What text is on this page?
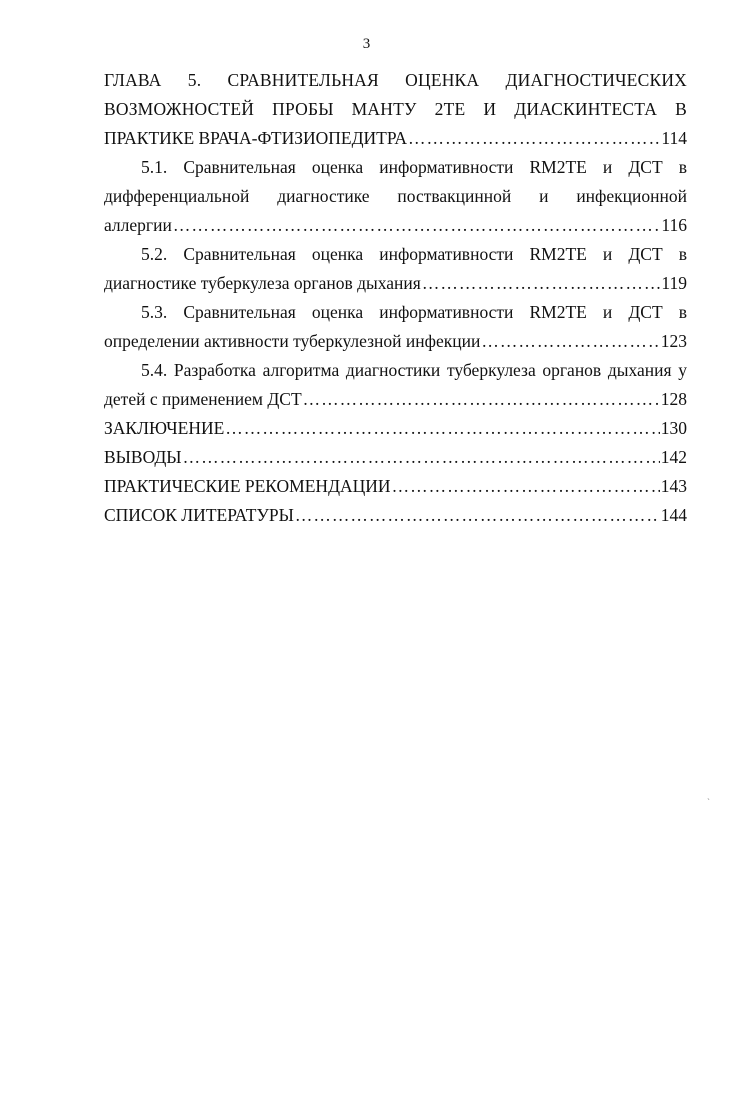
3
ГЛАВА 5. СРАВНИТЕЛЬНАЯ ОЦЕНКА ДИАГНОСТИЧЕСКИХ
ВОЗМОЖНОСТЕЙ ПРОБЫ МАНТУ 2ТЕ И ДИАСКИНТЕСТА В
ПРАКТИКЕ ВРАЧА-ФТИЗИОПЕДИТРА ……………………………………………………………………………………………………………………………………………………………………………………	114
5.1. Сравнительная оценка информативности RM2TE и ДСТ в
дифференциальной диагностике поствакцинной и инфекционной
аллергии ……………………………………………………………………………………………………………………………………………………………………………………	116
5.2. Сравнительная оценка информативности RM2TE и ДСТ в
диагностике туберкулеза органов дыхания ……………………………………………………………………………………………………………………………………………………………………………………	119
5.3. Сравнительная оценка информативности RM2TE и ДСТ в
определении активности туберкулезной инфекции ……………………………………………………………………………………………………………………………………………………………………………………	123
5.4. Разработка алгоритма диагностики туберкулеза органов дыхания у
детей с применением ДСТ ……………………………………………………………………………………………………………………………………………………………………………………	128
ЗАКЛЮЧЕНИЕ ……………………………………………………………………………………………………………………………………………………………………………………	130
ВЫВОДЫ ……………………………………………………………………………………………………………………………………………………………………………………	142
ПРАКТИЧЕСКИЕ РЕКОМЕНДАЦИИ ……………………………………………………………………………………………………………………………………………………………………………………	143
СПИСОК ЛИТЕРАТУРЫ ……………………………………………………………………………………………………………………………………………………………………………………	144
ˏ
